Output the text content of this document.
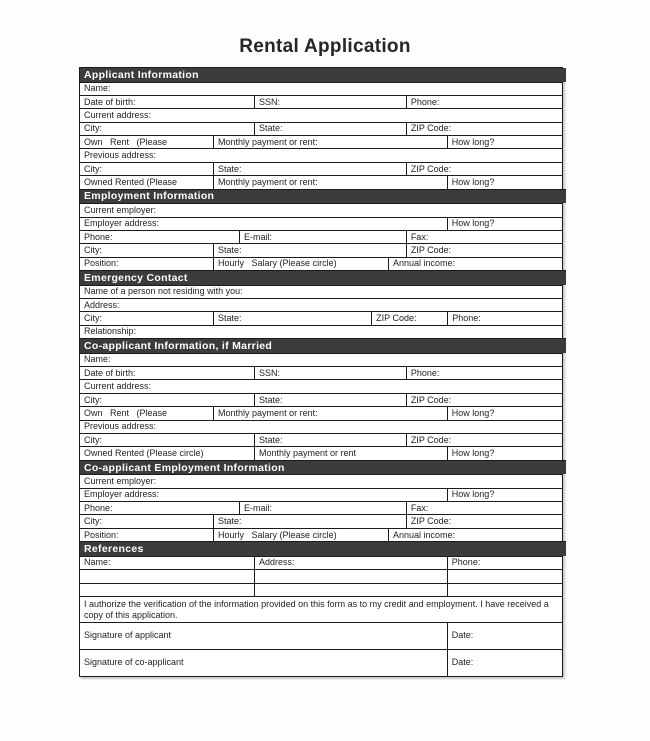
Rental Application
Applicant Information
Name:
Date of birth:	SSN:	Phone:
Current address:
City:	State:	ZIP Code:
Own   Rent   (Please	Monthly payment or rent:	How long?
Previous address:
City:	State:	ZIP Code:
Owned Rented (Please	Monthly payment or rent:	How long?
Employment Information
Current employer:
Employer address:	How long?
Phone:	E-mail:	Fax:
City:	State:	ZIP Code:
Position:	Hourly   Salary (Please circle)	Annual income:
Emergency Contact
Name of a person not residing with you:
Address:
City:	State:	ZIP Code:	Phone:
Relationship:
Co-applicant Information, if Married
Name:
Date of birth:	SSN:	Phone:
Current address:
City:	State:	ZIP Code:
Own   Rent   (Please	Monthly payment or rent:	How long?
Previous address:
City:	State:	ZIP Code:
Owned Rented (Please circle)	Monthly payment or rent	How long?
Co-applicant Employment Information
Current employer:
Employer address:	How long?
Phone:	E-mail:	Fax:
City:	State:	ZIP Code:
Position:	Hourly   Salary (Please circle)	Annual income:
References
Name:	Address:	Phone:
I authorize the verification of the information provided on this form as to my credit and employment. I have received a copy of this application.
Signature of applicant	Date:
Signature of co-applicant	Date:
